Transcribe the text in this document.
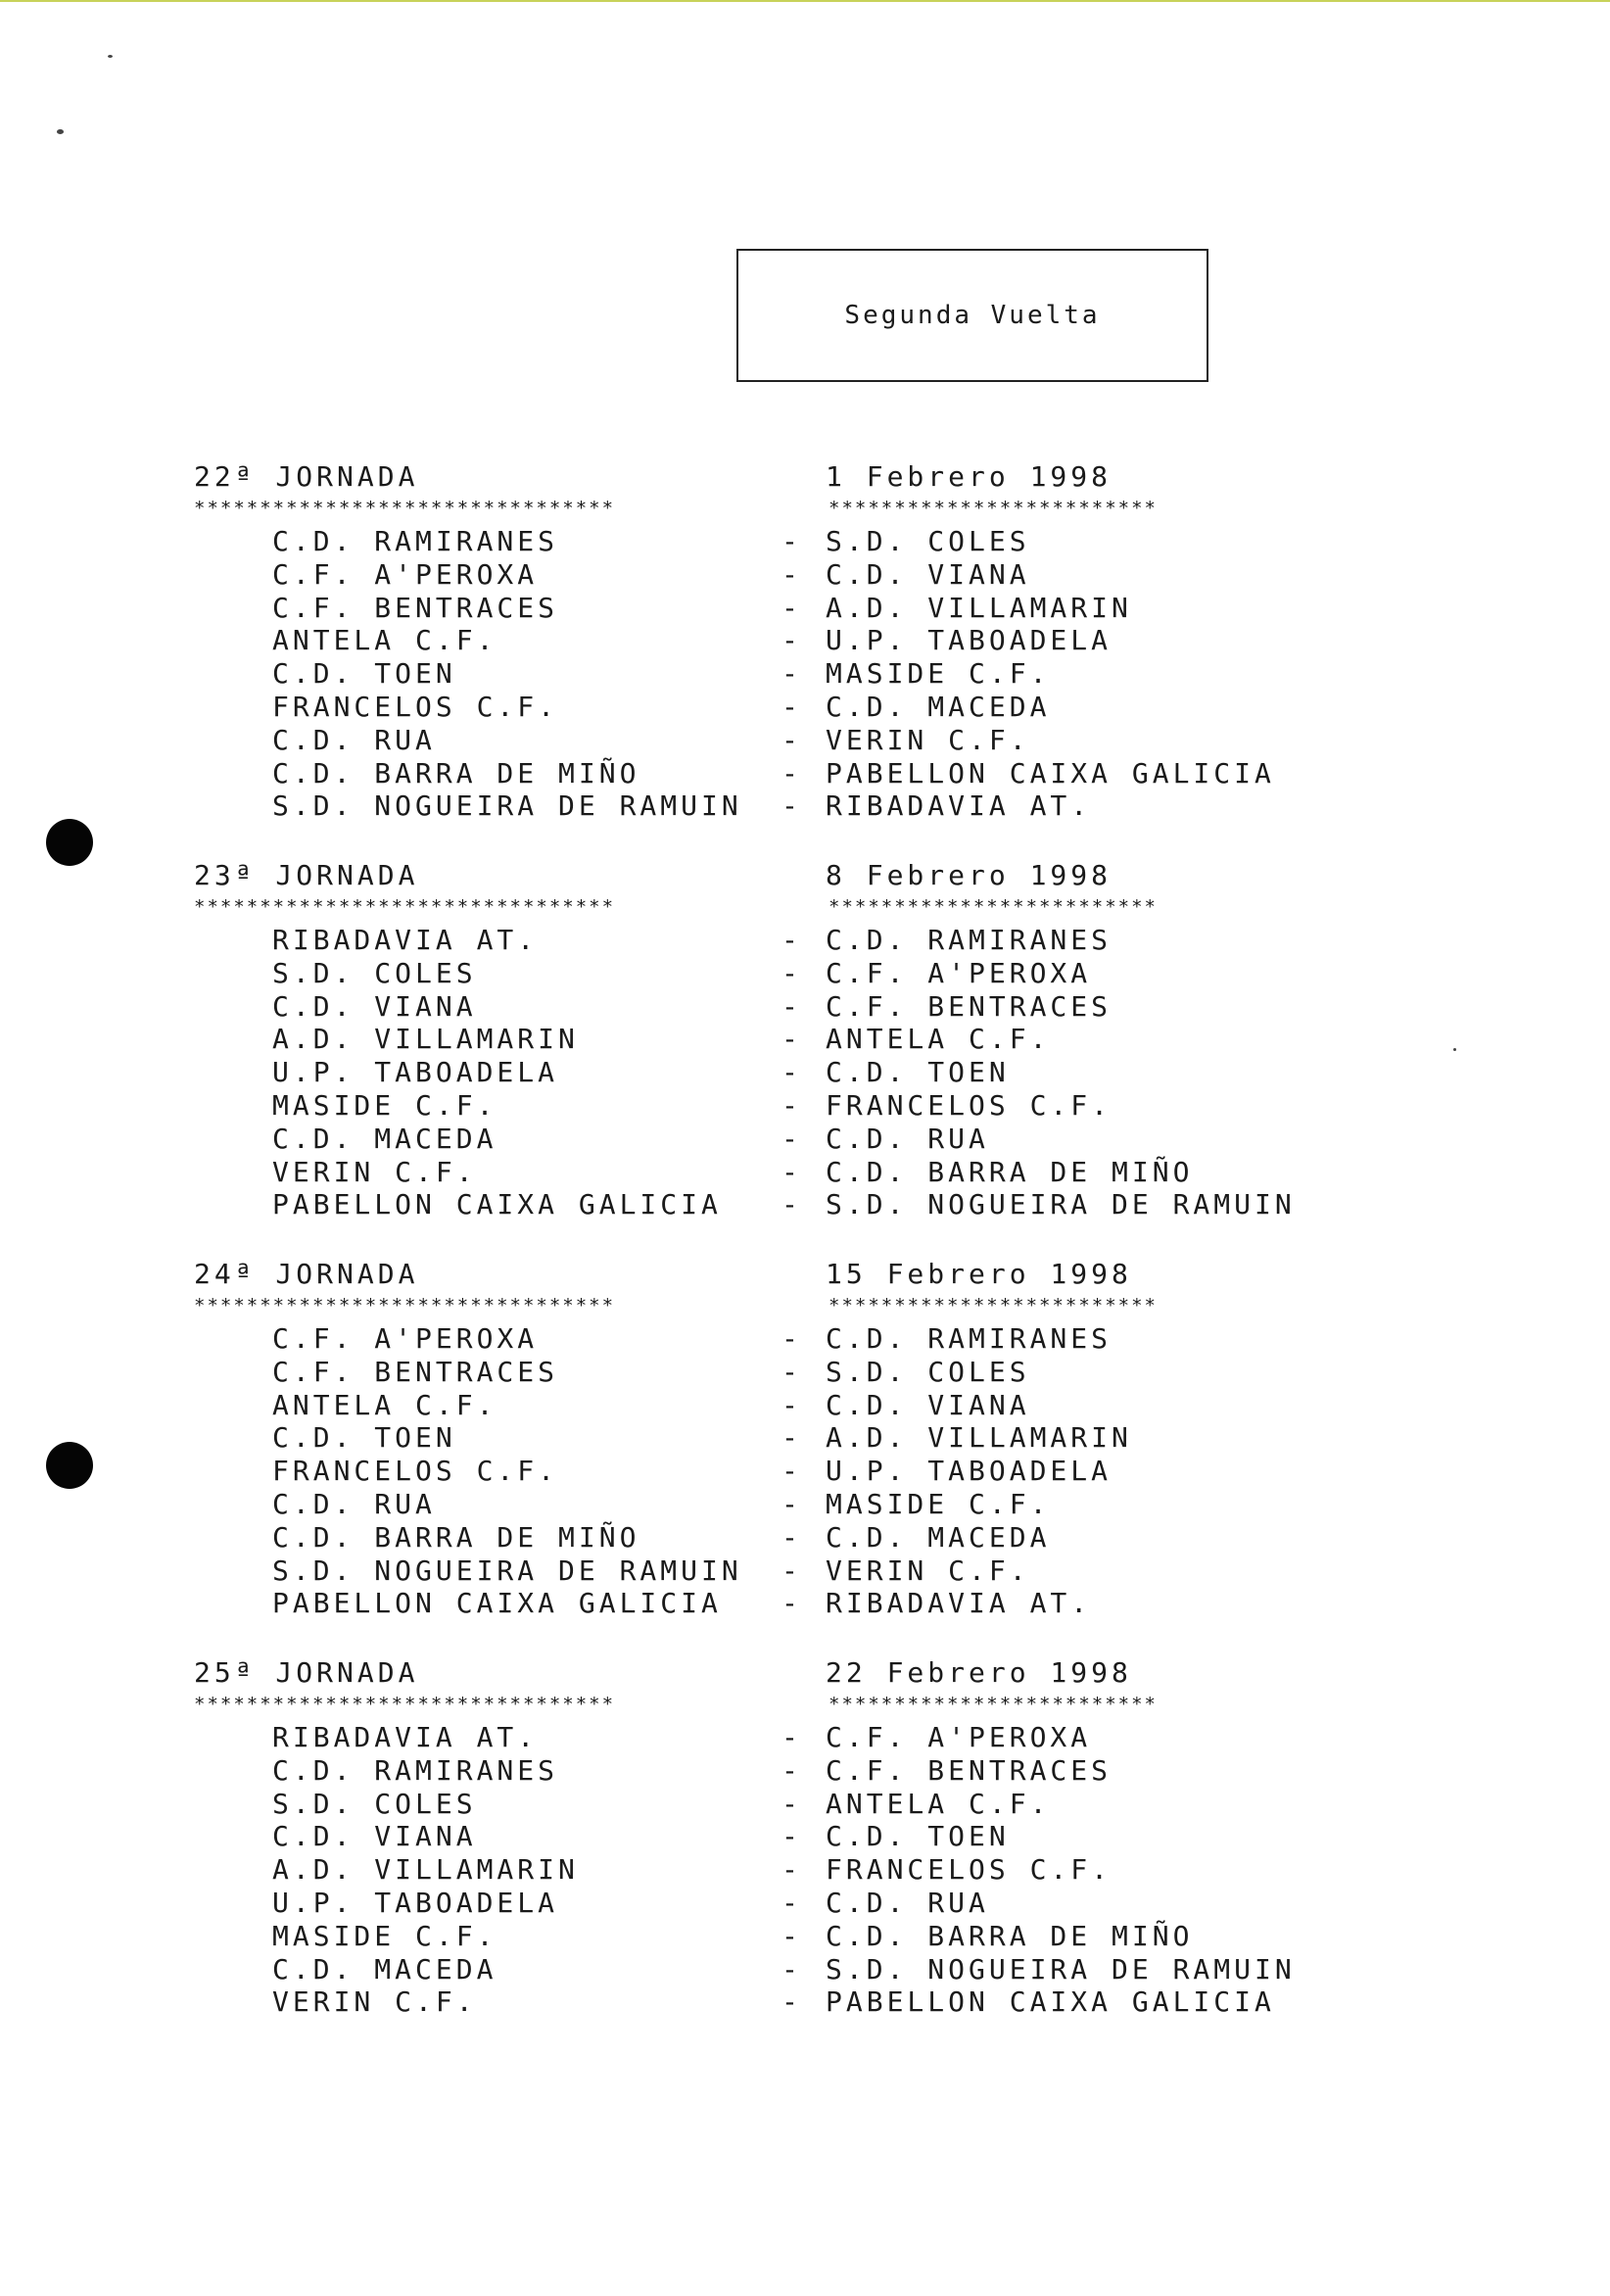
Segunda Vuelta
22ª JORNADA	1 Febrero 1998
********************************	*************************
C.D. RAMIRANES	- S.D. COLES
C.F. A'PEROXA	- C.D. VIANA
C.F. BENTRACES	- A.D. VILLAMARIN
ANTELA C.F.	- U.P. TABOADELA
C.D. TOEN	- MASIDE C.F.
FRANCELOS C.F.	- C.D. MACEDA
C.D. RUA	- VERIN C.F.
C.D. BARRA DE MIÑO	- PABELLON CAIXA GALICIA
S.D. NOGUEIRA DE RAMUIN - RIBADAVIA AT.
23ª JORNADA	8 Febrero 1998
********************************	*************************
RIBADAVIA AT.	- C.D. RAMIRANES
S.D. COLES	- C.F. A'PEROXA
C.D. VIANA	- C.F. BENTRACES
A.D. VILLAMARIN	- ANTELA C.F.
U.P. TABOADELA	- C.D. TOEN
MASIDE C.F.	- FRANCELOS C.F.
C.D. MACEDA	- C.D. RUA
VERIN C.F.	- C.D. BARRA DE MIÑO
PABELLON CAIXA GALICIA - S.D. NOGUEIRA DE RAMUIN
24ª JORNADA	15 Febrero 1998
********************************	*************************
C.F. A'PEROXA	- C.D. RAMIRANES
C.F. BENTRACES	- S.D. COLES
ANTELA C.F.	- C.D. VIANA
C.D. TOEN	- A.D. VILLAMARIN
FRANCELOS C.F.	- U.P. TABOADELA
C.D. RUA	- MASIDE C.F.
C.D. BARRA DE MIÑO	- C.D. MACEDA
S.D. NOGUEIRA DE RAMUIN - VERIN C.F.
PABELLON CAIXA GALICIA - RIBADAVIA AT.
25ª JORNADA	22 Febrero 1998
********************************	*************************
RIBADAVIA AT.	- C.F. A'PEROXA
C.D. RAMIRANES	- C.F. BENTRACES
S.D. COLES	- ANTELA C.F.
C.D. VIANA	- C.D. TOEN
A.D. VILLAMARIN	- FRANCELOS C.F.
U.P. TABOADELA	- C.D. RUA
MASIDE C.F.	- C.D. BARRA DE MIÑO
C.D. MACEDA	- S.D. NOGUEIRA DE RAMUIN
VERIN C.F.	- PABELLON CAIXA GALICIA
